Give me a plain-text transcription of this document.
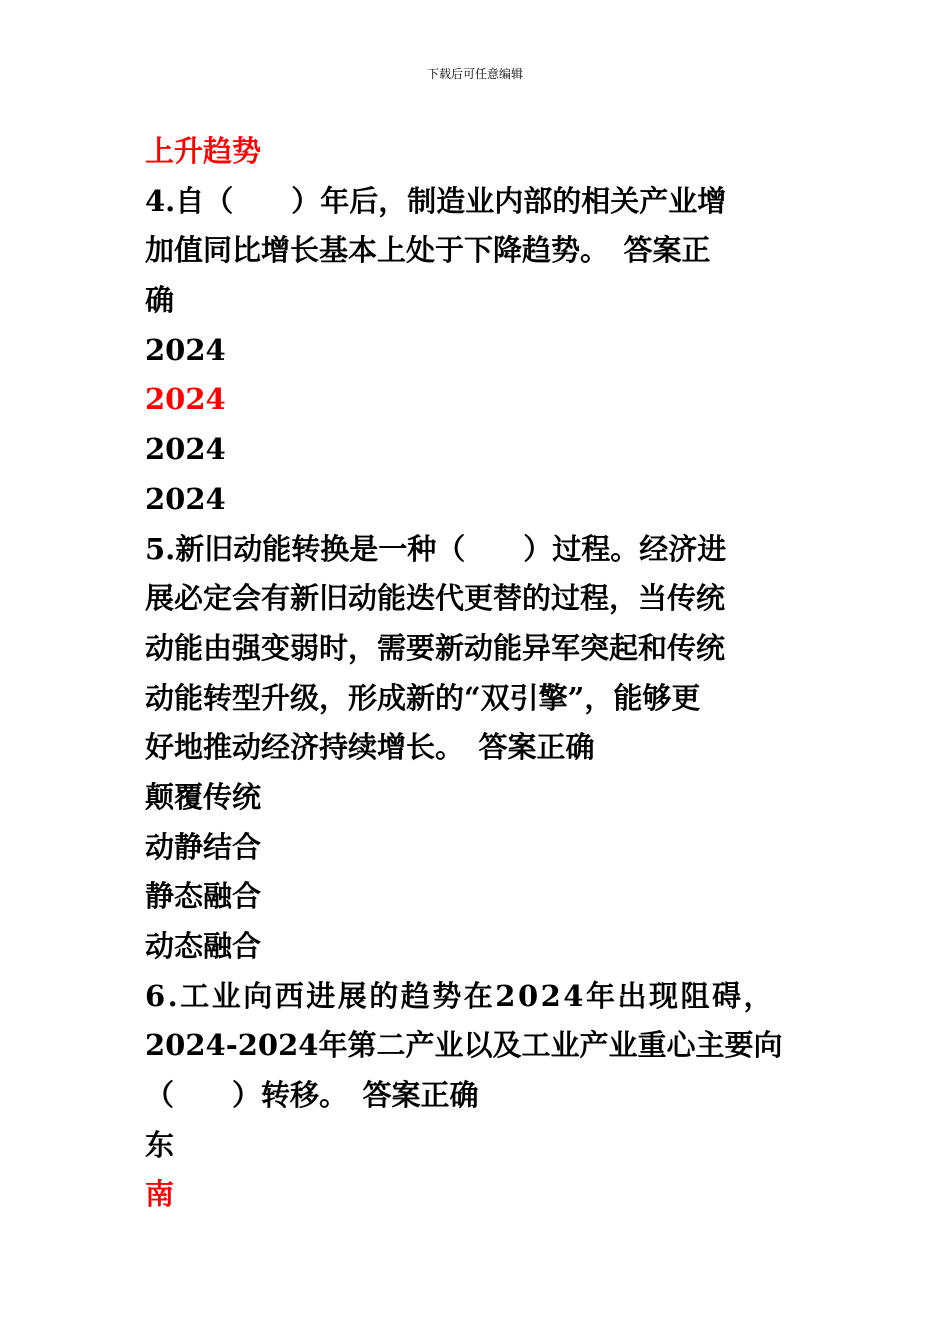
下载后可任意编辑
上升趋势
4.自（　　）年后，制造业内部的相关产业增
加值同比增长基本上处于下降趋势。　答案正
确
2024
2024
2024
2024
5.新旧动能转换是一种（　　）过程。经济进
展必定会有新旧动能迭代更替的过程，当传统
动能由强变弱时，需要新动能异军突起和传统
动能转型升级，形成新的“双引擎”，能够更
好地推动经济持续增长。　答案正确
颠覆传统
动静结合
静态融合
动态融合
6.工业向西进展的趋势在2024年出现阻碍，
2024-2024年第二产业以及工业产业重心主要向
（　　）转移。　答案正确
东
南
